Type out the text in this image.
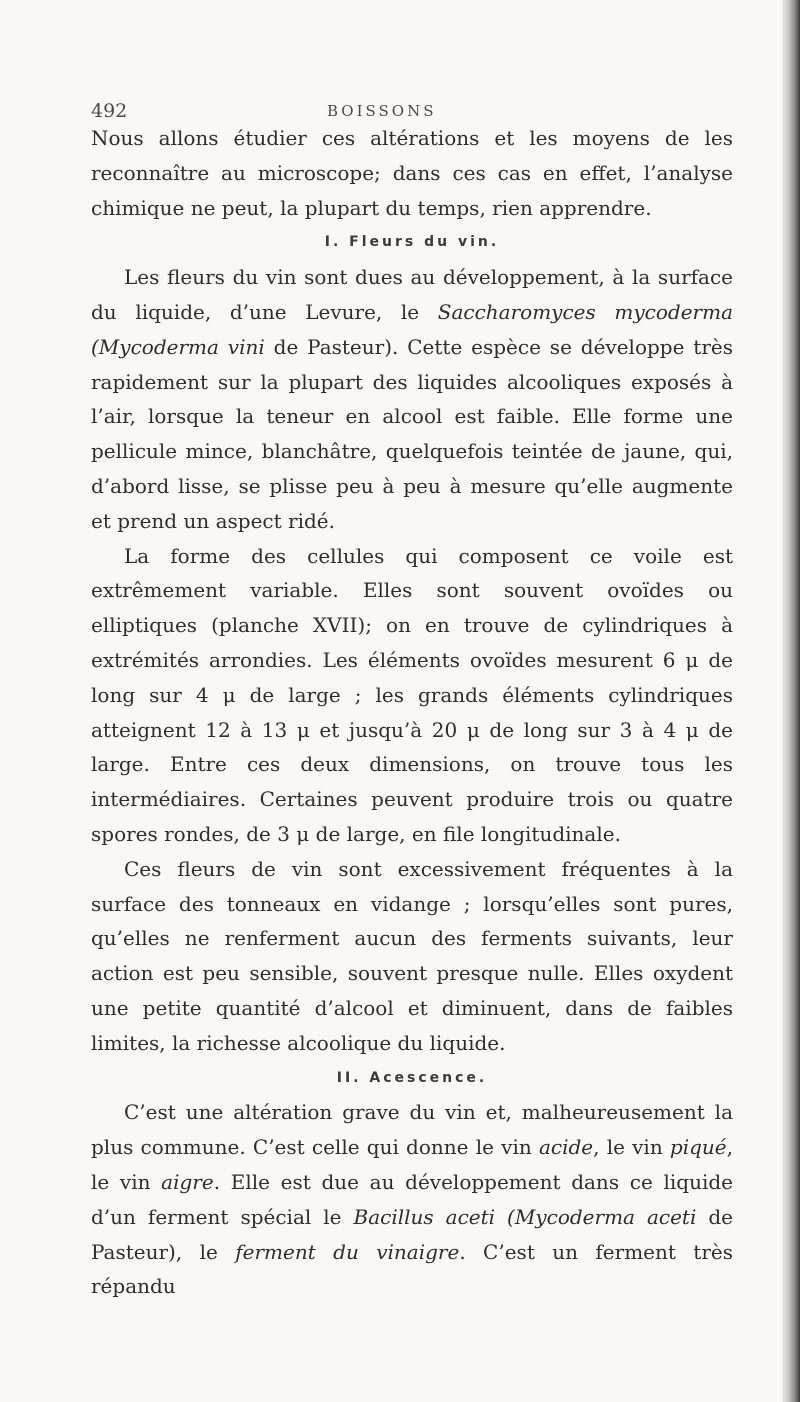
492	BOISSONS

Nous allons étudier ces altérations et les moyens de les reconnaître au microscope; dans ces cas en effet, l’analyse chimique ne peut, la plupart du temps, rien apprendre.

I. Fleurs du vin.

Les fleurs du vin sont dues au développement, à la surface du liquide, d’une Levure, le Saccharomyces mycoderma (Mycoderma vini de Pasteur). Cette espèce se développe très rapidement sur la plupart des liquides alcooliques exposés à l’air, lorsque la teneur en alcool est faible. Elle forme une pellicule mince, blanchâtre, quelquefois teintée de jaune, qui, d’abord lisse, se plisse peu à peu à mesure qu’elle augmente et prend un aspect ridé.

La forme des cellules qui composent ce voile est extrêmement variable. Elles sont souvent ovoïdes ou elliptiques (planche XVII); on en trouve de cylindriques à extrémités arrondies. Les éléments ovoïdes mesurent 6 μ de long sur 4 μ de large ; les grands éléments cylindriques atteignent 12 à 13 μ et jusqu’à 20 μ de long sur 3 à 4 μ de large. Entre ces deux dimensions, on trouve tous les intermédiaires. Certaines peuvent produire trois ou quatre spores rondes, de 3 μ de large, en file longitudinale.

Ces fleurs de vin sont excessivement fréquentes à la surface des tonneaux en vidange ; lorsqu’elles sont pures, qu’elles ne renferment aucun des ferments suivants, leur action est peu sensible, souvent presque nulle. Elles oxydent une petite quantité d’alcool et diminuent, dans de faibles limites, la richesse alcoolique du liquide.

II. Acescence.

C’est une altération grave du vin et, malheureusement la plus commune. C’est celle qui donne le vin acide, le vin piqué, le vin aigre. Elle est due au développement dans ce liquide d’un ferment spécial le Bacillus aceti (Mycoderma aceti de Pasteur), le ferment du vinaigre. C’est un ferment très répandu
